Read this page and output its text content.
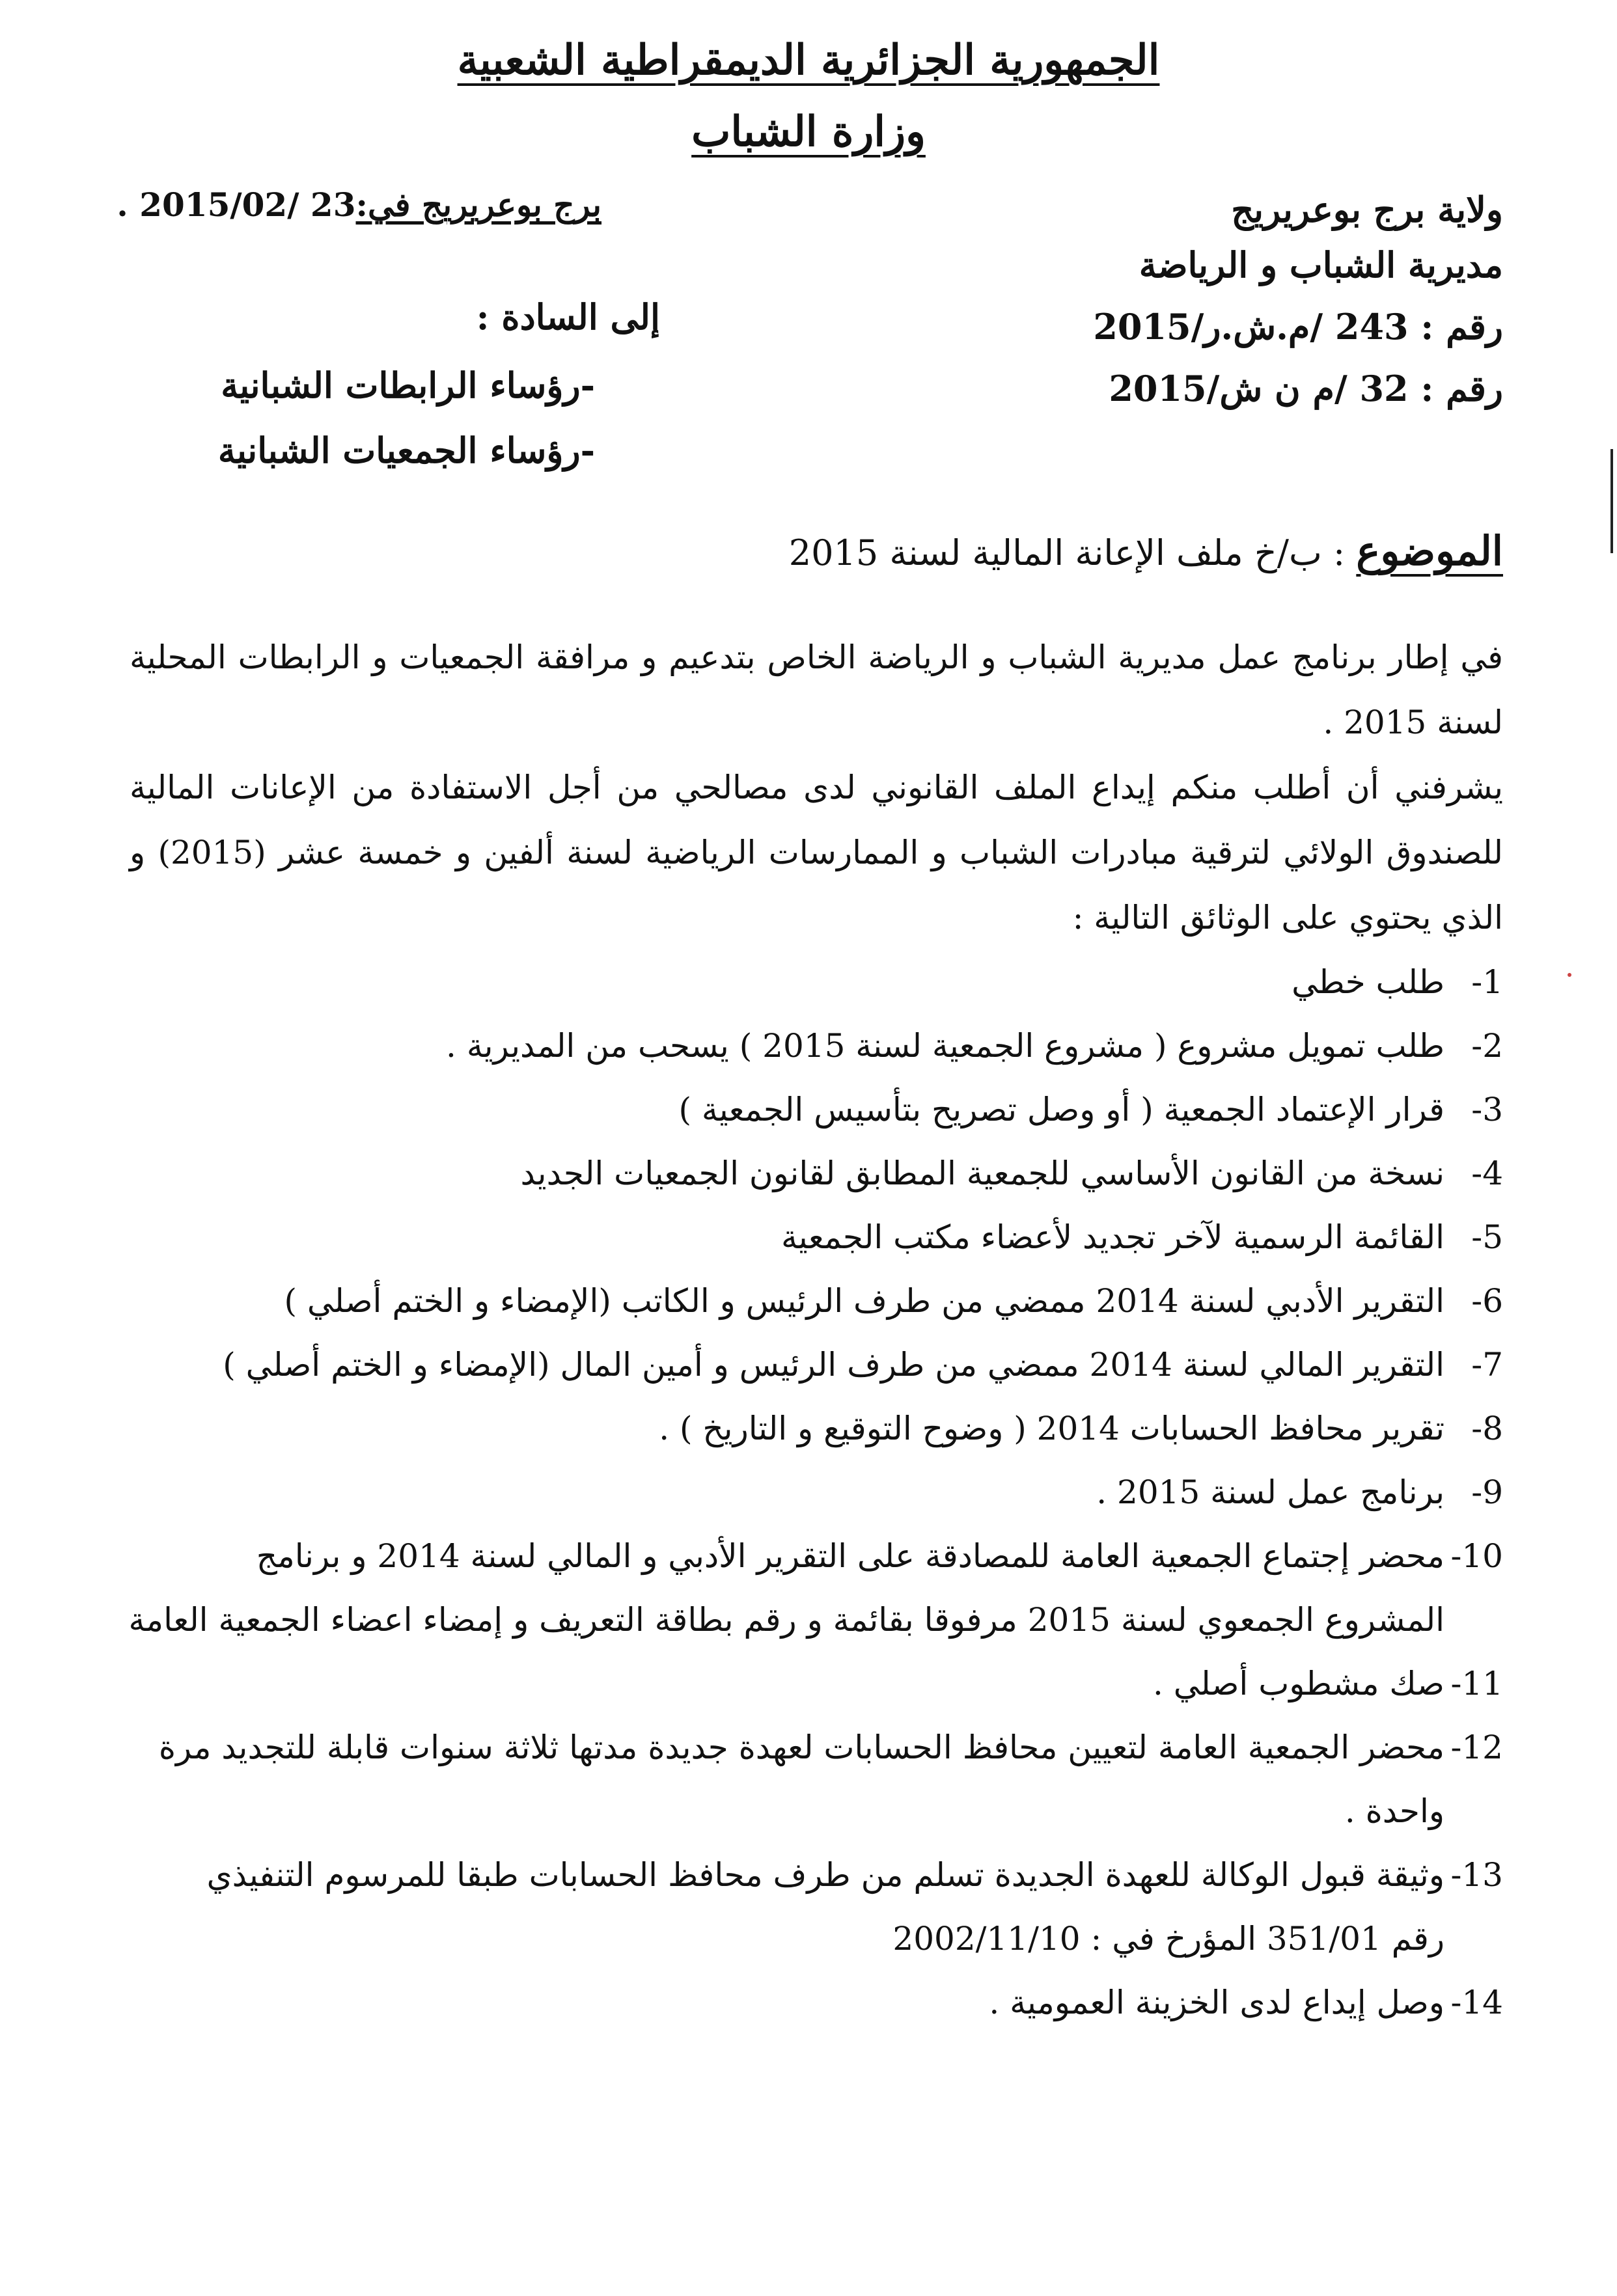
الجمهورية الجزائرية الديمقراطية الشعبية
وزارة الشباب
ولاية برج بوعريريج
مديرية الشباب و الرياضة
رقم : 243 /م.ش.ر/2015
رقم : 32 /م ن ش/2015
برج بوعريريج في:23 /2015/02 .
إلى السادة :
-رؤساء الرابطات الشبانية
-رؤساء الجمعيات الشبانية
الموضوع : ب/خ ملف الإعانة المالية لسنة 2015
في إطار برنامج عمل مديرية الشباب و الرياضة الخاص بتدعيم و مرافقة الجمعيات و الرابطات المحلية لسنة 2015 .
يشرفني أن أطلب منكم إيداع الملف القانوني لدى مصالحي من أجل الاستفادة من الإعانات المالية للصندوق الولائي لترقية مبادرات الشباب و الممارسات الرياضية لسنة ألفين و خمسة عشر (2015) و الذي يحتوي على الوثائق التالية :
1-طلب خطي
2-طلب تمويل مشروع ( مشروع الجمعية لسنة 2015 ) يسحب من المديرية .
3-قرار الإعتماد الجمعية ( أو وصل تصريح بتأسيس الجمعية )
4-نسخة من القانون الأساسي للجمعية المطابق لقانون الجمعيات الجديد
5-القائمة الرسمية لآخر تجديد لأعضاء مكتب الجمعية
6-التقرير الأدبي لسنة 2014 ممضي من طرف الرئيس و الكاتب (الإمضاء و الختم أصلي )
7-التقرير المالي لسنة 2014 ممضي من طرف الرئيس و أمين المال (الإمضاء و الختم أصلي )
8-تقرير محافظ الحسابات 2014 ( وضوح التوقيع و التاريخ ) .
9-برنامج عمل لسنة 2015 .
10-محضر إجتماع الجمعية العامة للمصادقة على التقرير الأدبي و المالي لسنة 2014 و برنامج
المشروع الجمعوي لسنة 2015 مرفوقا بقائمة و رقم بطاقة التعريف و إمضاء اعضاء الجمعية العامة
11-صك مشطوب أصلي .
12-محضر الجمعية العامة لتعيين محافظ الحسابات لعهدة جديدة مدتها ثلاثة سنوات قابلة للتجديد مرة
واحدة .
13-وثيقة قبول الوكالة للعهدة الجديدة تسلم من طرف محافظ الحسابات طبقا للمرسوم التنفيذي
رقم 351/01 المؤرخ في : 2002/11/10
14-وصل إيداع لدى الخزينة العمومية .
